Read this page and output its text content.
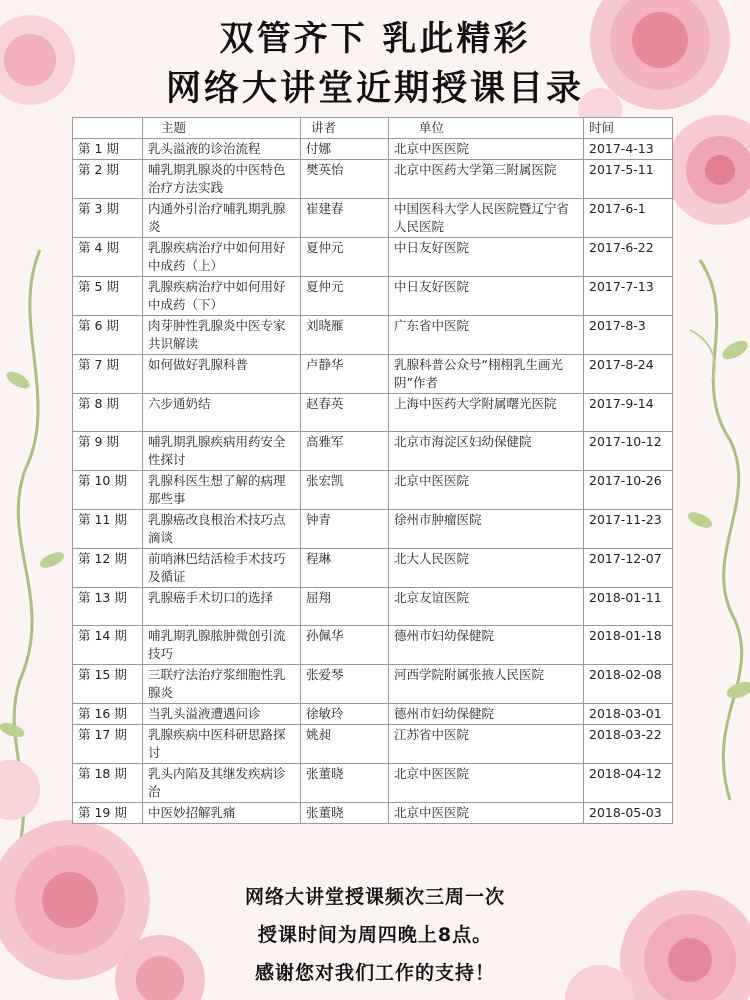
双管齐下 乳此精彩
网络大讲堂近期授课目录
	主题	讲者	单位	时间
第 1 期	乳头溢液的诊治流程	付娜	北京中医医院	2017-4-13
第 2 期	哺乳期乳腺炎的中医特色治疗方法实践	樊英怡	北京中医药大学第三附属医院	2017-5-11
第 3 期	内通外引治疗哺乳期乳腺炎	崔建春	中国医科大学人民医院暨辽宁省人民医院	2017-6-1
第 4 期	乳腺疾病治疗中如何用好中成药（上）	夏仲元	中日友好医院	2017-6-22
第 5 期	乳腺疾病治疗中如何用好中成药（下）	夏仲元	中日友好医院	2017-7-13
第 6 期	肉芽肿性乳腺炎中医专家共识解读	刘晓雁	广东省中医院	2017-8-3
第 7 期	如何做好乳腺科普	卢静华	乳腺科普公众号“栩栩乳生画光阴”作者	2017-8-24
第 8 期	六步通奶结	赵春英	上海中医药大学附属曙光医院	2017-9-14
第 9 期	哺乳期乳腺疾病用药安全性探讨	高雅军	北京市海淀区妇幼保健院	2017-10-12
第 10 期	乳腺科医生想了解的病理那些事	张宏凯	北京中医医院	2017-10-26
第 11 期	乳腺癌改良根治术技巧点滴谈	钟青	徐州市肿瘤医院	2017-11-23
第 12 期	前哨淋巴结活检手术技巧及循证	程琳	北大人民医院	2017-12-07
第 13 期	乳腺癌手术切口的选择	屈翔	北京友谊医院	2018-01-11
第 14 期	哺乳期乳腺脓肿微创引流技巧	孙佩华	德州市妇幼保健院	2018-01-18
第 15 期	三联疗法治疗浆细胞性乳腺炎	张爱琴	河西学院附属张掖人民医院	2018-02-08
第 16 期	当乳头溢液遭遇问诊	徐敏玲	德州市妇幼保健院	2018-03-01
第 17 期	乳腺疾病中医科研思路探讨	姚昶	江苏省中医院	2018-03-22
第 18 期	乳头内陷及其继发疾病诊治	张董晓	北京中医医院	2018-04-12
第 19 期	中医妙招解乳痛	张董晓	北京中医医院	2018-05-03
网络大讲堂授课频次三周一次
授课时间为周四晚上8点。
感谢您对我们工作的支持！
